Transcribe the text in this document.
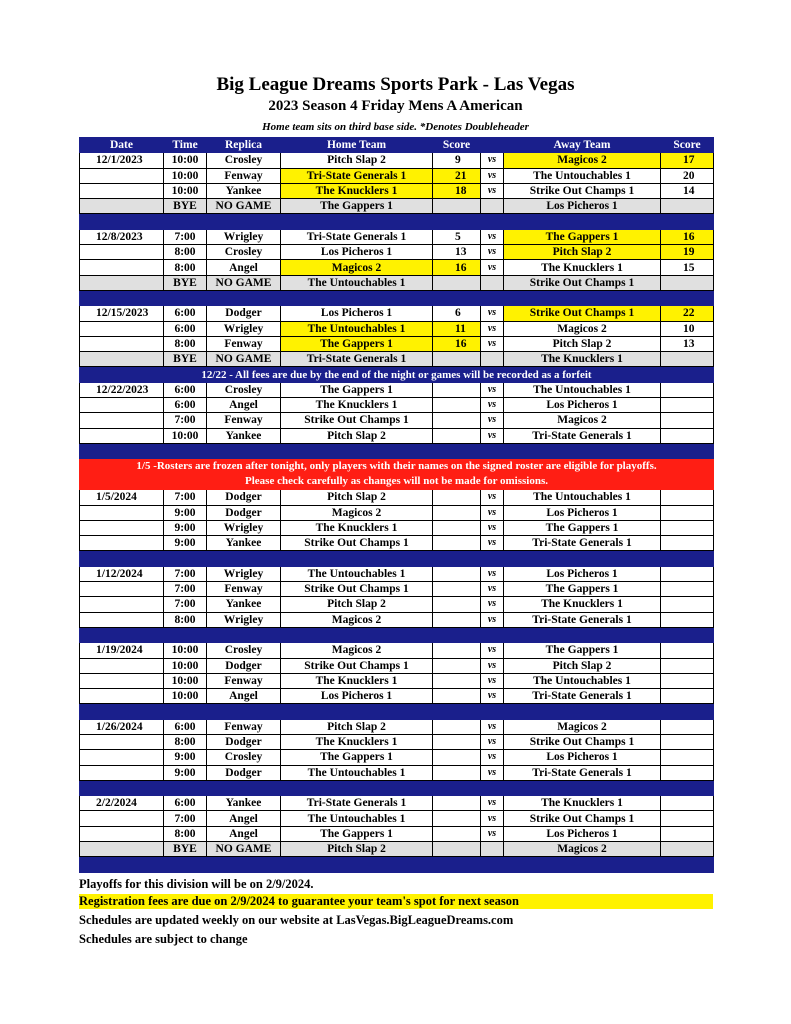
Big League Dreams Sports Park - Las Vegas
2023 Season 4 Friday Mens A American
Home team sits on third base side. *Denotes Doubleheader
Date	Time	Replica	Home Team	Score		Away Team	Score
12/1/2023	10:00	Crosley	Pitch Slap 2	9	vs	Magicos 2	17
	10:00	Fenway	Tri-State Generals 1	21	vs	The Untouchables 1	20
	10:00	Yankee	The Knucklers 1	18	vs	Strike Out Champs 1	14
	BYE	NO GAME	The Gappers 1			Los Picheros 1	

12/8/2023	7:00	Wrigley	Tri-State Generals 1	5	vs	The Gappers 1	16
	8:00	Crosley	Los Picheros 1	13	vs	Pitch Slap 2	19
	8:00	Angel	Magicos 2	16	vs	The Knucklers 1	15
	BYE	NO GAME	The Untouchables 1			Strike Out Champs 1	

12/15/2023	6:00	Dodger	Los Picheros 1	6	vs	Strike Out Champs 1	22
	6:00	Wrigley	The Untouchables 1	11	vs	Magicos 2	10
	8:00	Fenway	The Gappers 1	16	vs	Pitch Slap 2	13
	BYE	NO GAME	Tri-State Generals 1			The Knucklers 1	
12/22 - All fees are due by the end of the night or games will be recorded as a forfeit							
12/22/2023	6:00	Crosley	The Gappers 1		vs	The Untouchables 1	
	6:00	Angel	The Knucklers 1		vs	Los Picheros 1	
	7:00	Fenway	Strike Out Champs 1		vs	Magicos 2	
	10:00	Yankee	Pitch Slap 2		vs	Tri-State Generals 1	

1/5 -Rosters are frozen after tonight, only players with their names on the signed roster are eligible for playoffs.
Please check carefully as changes will not be made for omissions.							

1/5/2024	7:00	Dodger	Pitch Slap 2		vs	The Untouchables 1	
	9:00	Dodger	Magicos 2		vs	Los Picheros 1	
	9:00	Wrigley	The Knucklers 1		vs	The Gappers 1	
	9:00	Yankee	Strike Out Champs 1		vs	Tri-State Generals 1	

1/12/2024	7:00	Wrigley	The Untouchables 1		vs	Los Picheros 1	
	7:00	Fenway	Strike Out Champs 1		vs	The Gappers 1	
	7:00	Yankee	Pitch Slap 2		vs	The Knucklers 1	
	8:00	Wrigley	Magicos 2		vs	Tri-State Generals 1	

1/19/2024	10:00	Crosley	Magicos 2		vs	The Gappers 1	
	10:00	Dodger	Strike Out Champs 1		vs	Pitch Slap 2	
	10:00	Fenway	The Knucklers 1		vs	The Untouchables 1	
	10:00	Angel	Los Picheros 1		vs	Tri-State Generals 1	

1/26/2024	6:00	Fenway	Pitch Slap 2		vs	Magicos 2	
	8:00	Dodger	The Knucklers 1		vs	Strike Out Champs 1	
	9:00	Crosley	The Gappers 1		vs	Los Picheros 1	
	9:00	Dodger	The Untouchables 1		vs	Tri-State Generals 1	

2/2/2024	6:00	Yankee	Tri-State Generals 1		vs	The Knucklers 1	
	7:00	Angel	The Untouchables 1		vs	Strike Out Champs 1	
	8:00	Angel	The Gappers 1		vs	Los Picheros 1	
	BYE	NO GAME	Pitch Slap 2			Magicos 2	

Playoffs for this division will be on 2/9/2024.
Registration fees are due on 2/9/2024 to guarantee your team's spot for next season
Schedules are updated weekly on our website at LasVegas.BigLeagueDreams.com
Schedules are subject to change
